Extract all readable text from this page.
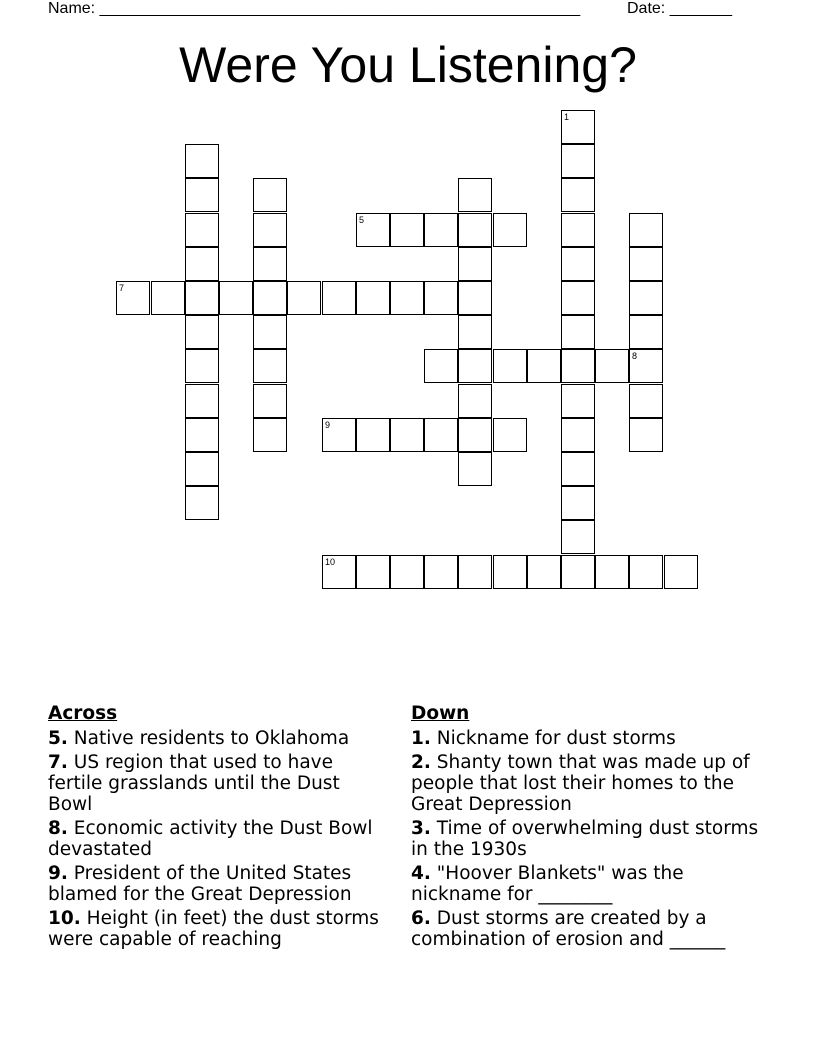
Name: ______________________________________________________	Date: _______
Were You Listening?
1
8
5
7
9
10
Across
5. Native residents to Oklahoma
7. US region that used to have fertile grasslands until the Dust Bowl
8. Economic activity the Dust Bowl devastated
9. President of the United States blamed for the Great Depression
10. Height (in feet) the dust storms were capable of reaching
Down
1. Nickname for dust storms
2. Shanty town that was made up of people that lost their homes to the Great Depression
3. Time of overwhelming dust storms in the 1930s
4. "Hoover Blankets" was the nickname for ________
6. Dust storms are created by a combination of erosion and ______
